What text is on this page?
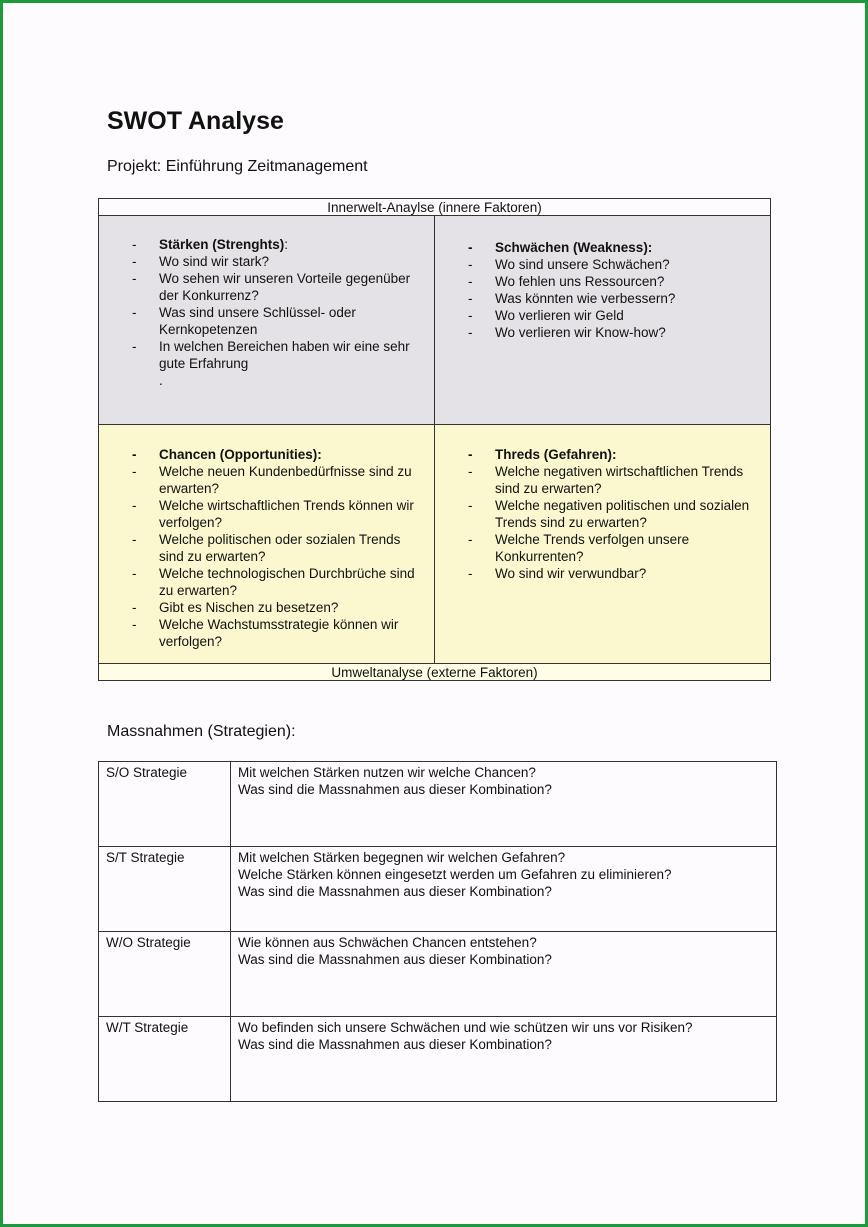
SWOT Analyse
Projekt: Einführung Zeitmanagement
Innerwelt-Anaylse (innere Faktoren)
- Stärken (Strenghts):
- Wo sind wir stark?
- Wo sehen wir unseren Vorteile gegenüber der Konkurrenz?
- Was sind unsere Schlüssel- oder Kernkopetenzen
- In welchen Bereichen haben wir eine sehr gute Erfahrung
.
- Schwächen (Weakness):
- Wo sind unsere Schwächen?
- Wo fehlen uns Ressourcen?
- Was könnten wie verbessern?
- Wo verlieren wir Geld
- Wo verlieren wir Know-how?
- Chancen (Opportunities):
- Welche neuen Kundenbedürfnisse sind zu erwarten?
- Welche wirtschaftlichen Trends können wir verfolgen?
- Welche politischen oder sozialen Trends sind zu erwarten?
- Welche technologischen Durchbrüche sind zu erwarten?
- Gibt es Nischen zu besetzen?
- Welche Wachstumsstrategie können wir verfolgen?
- Threds (Gefahren):
- Welche negativen wirtschaftlichen Trends sind zu erwarten?
- Welche negativen politischen und sozialen Trends sind zu erwarten?
- Welche Trends verfolgen unsere Konkurrenten?
- Wo sind wir verwundbar?
Umweltanalyse (externe Faktoren)
Massnahmen (Strategien):
S/O Strategie	Mit welchen Stärken nutzen wir welche Chancen?
Was sind die Massnahmen aus dieser Kombination?

S/T Strategie	Mit welchen Stärken begegnen wir welchen Gefahren?
Welche Stärken können eingesetzt werden um Gefahren zu eliminieren?
Was sind die Massnahmen aus dieser Kombination?

W/O Strategie	Wie können aus Schwächen Chancen entstehen?
Was sind die Massnahmen aus dieser Kombination?

W/T Strategie	Wo befinden sich unsere Schwächen und wie schützen wir uns vor Risiken?
Was sind die Massnahmen aus dieser Kombination?
